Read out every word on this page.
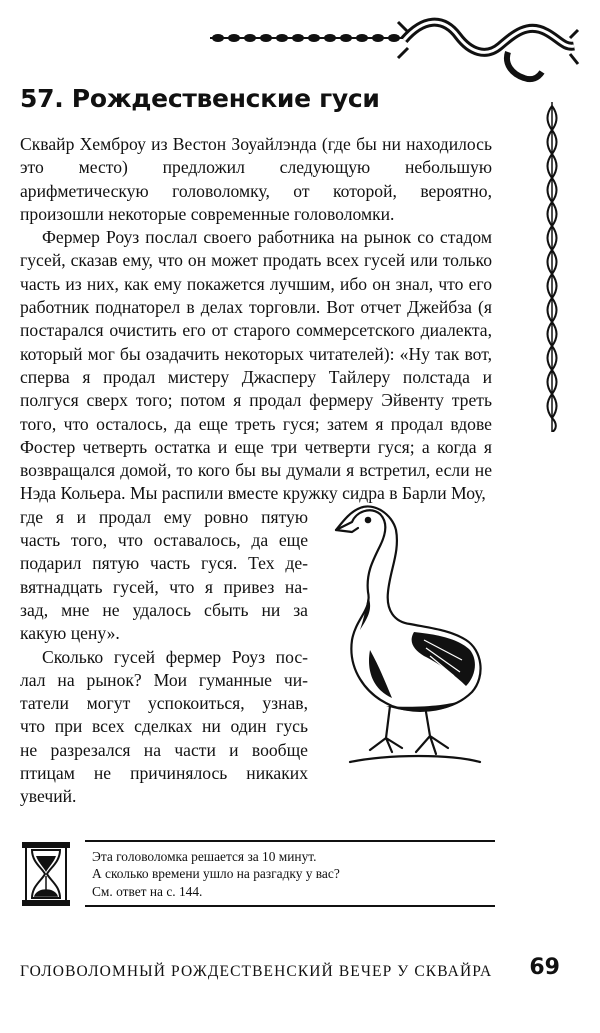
57. Рождественские гуси

Сквайр Хемброу из Вестон Зоуайлэнда (где бы ни находилось это место) предложил следующую небольшую арифметическую головоломку, от которой, вероятно, произошли некоторые современные головоломки.

Фермер Роуз послал своего работника на рынок со стадом гусей, сказав ему, что он может продать всех гусей или только часть из них, как ему покажется лучшим, ибо он знал, что его работник поднаторел в делах торговли. Вот отчет Джейбза (я постарался очистить его от старого соммерсетского диалекта, который мог бы озадачить некоторых читателей): «Ну так вот, сперва я продал мистеру Джасперу Тайлеру полстада и полгуся сверх того; потом я продал фермеру Эйвенту треть того, что осталось, да еще треть гуся; затем я продал вдове Фостер четверть остатка и еще три четверти гуся; а когда я возвращался домой, то кого бы вы думали я встретил, если не Нэда Кольера. Мы распили вместе кружку сидра в Барли Моу,

где я и продал ему ровно пятую
часть того, что оставалось, да еще
подарил пятую часть гуся. Тех де-
вятнадцать гусей, что я привез на-
зад, мне не удалось сбыть ни за
какую цену».
Сколько гусей фермер Роуз пос-
лал на рынок? Мои гуманные чи-
татели могут успокоиться, узнав,
что при всех сделках ни один гусь
не разрезался на части и вообще
птицам не причинялось никаких
увечий.
Эта головоломка решается за 10 минут.
А сколько времени ушло на разгадку у вас?
См. ответ на с. 144.
ГОЛОВОЛОМНЫЙ РОЖДЕСТВЕНСКИЙ ВЕЧЕР У СКВАЙРА 69
